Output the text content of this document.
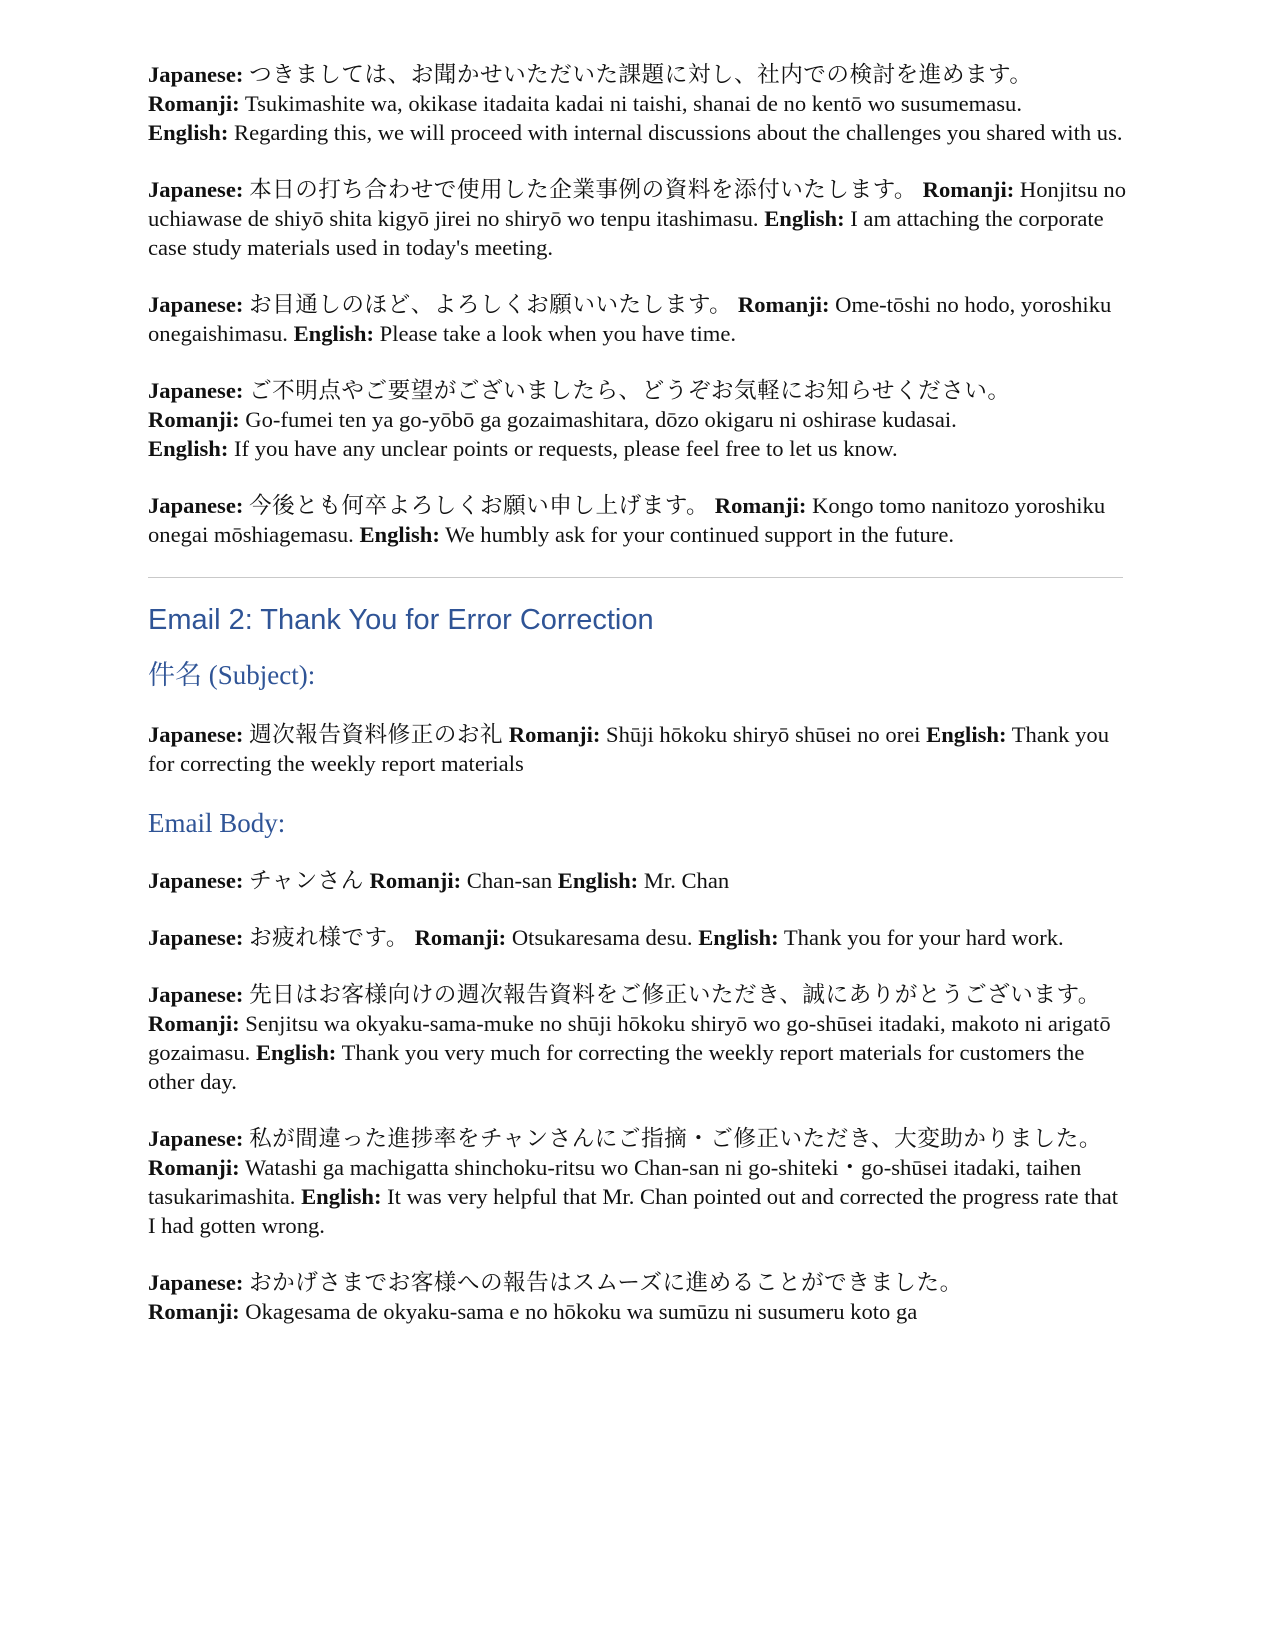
Japanese: つきましては、お聞かせいただいた課題に対し、社内での検討を進めます。
Romanji: Tsukimashite wa, okikase itadaita kadai ni taishi, shanai de no kentō wo susumemasu.
English: Regarding this, we will proceed with internal discussions about the challenges you shared with us.

Japanese: 本日の打ち合わせで使用した企業事例の資料を添付いたします。 Romanji: Honjitsu no uchiawase de shiyō shita kigyō jirei no shiryō wo tenpu itashimasu. English: I am attaching the corporate case study materials used in today's meeting.

Japanese: お目通しのほど、よろしくお願いいたします。 Romanji: Ome-tōshi no hodo, yoroshiku onegaishimasu. English: Please take a look when you have time.

Japanese: ご不明点やご要望がございましたら、どうぞお気軽にお知らせください。
Romanji: Go-fumei ten ya go-yōbō ga gozaimashitara, dōzo okigaru ni oshirase kudasai.
English: If you have any unclear points or requests, please feel free to let us know.

Japanese: 今後とも何卒よろしくお願い申し上げます。 Romanji: Kongo tomo nanitozo yoroshiku onegai mōshiagemasu. English: We humbly ask for your continued support in the future.

Email 2: Thank You for Error Correction
件名 (Subject):

Japanese: 週次報告資料修正のお礼 Romanji: Shūji hōkoku shiryō shūsei no orei English: Thank you for correcting the weekly report materials

Email Body:

Japanese: チャンさん Romanji: Chan-san English: Mr. Chan

Japanese: お疲れ様です。 Romanji: Otsukaresama desu. English: Thank you for your hard work.

Japanese: 先日はお客様向けの週次報告資料をご修正いただき、誠にありがとうございます。 Romanji: Senjitsu wa okyaku-sama-muke no shūji hōkoku shiryō wo go-shūsei itadaki, makoto ni arigatō gozaimasu. English: Thank you very much for correcting the weekly report materials for customers the other day.

Japanese: 私が間違った進捗率をチャンさんにご指摘・ご修正いただき、大変助かりました。 Romanji: Watashi ga machigatta shinchoku-ritsu wo Chan-san ni go-shiteki・go-shūsei itadaki, taihen tasukarimashita. English: It was very helpful that Mr. Chan pointed out and corrected the progress rate that I had gotten wrong.

Japanese: おかげさまでお客様への報告はスムーズに進めることができました。
Romanji: Okagesama de okyaku-sama e no hōkoku wa sumūzu ni susumeru koto ga
